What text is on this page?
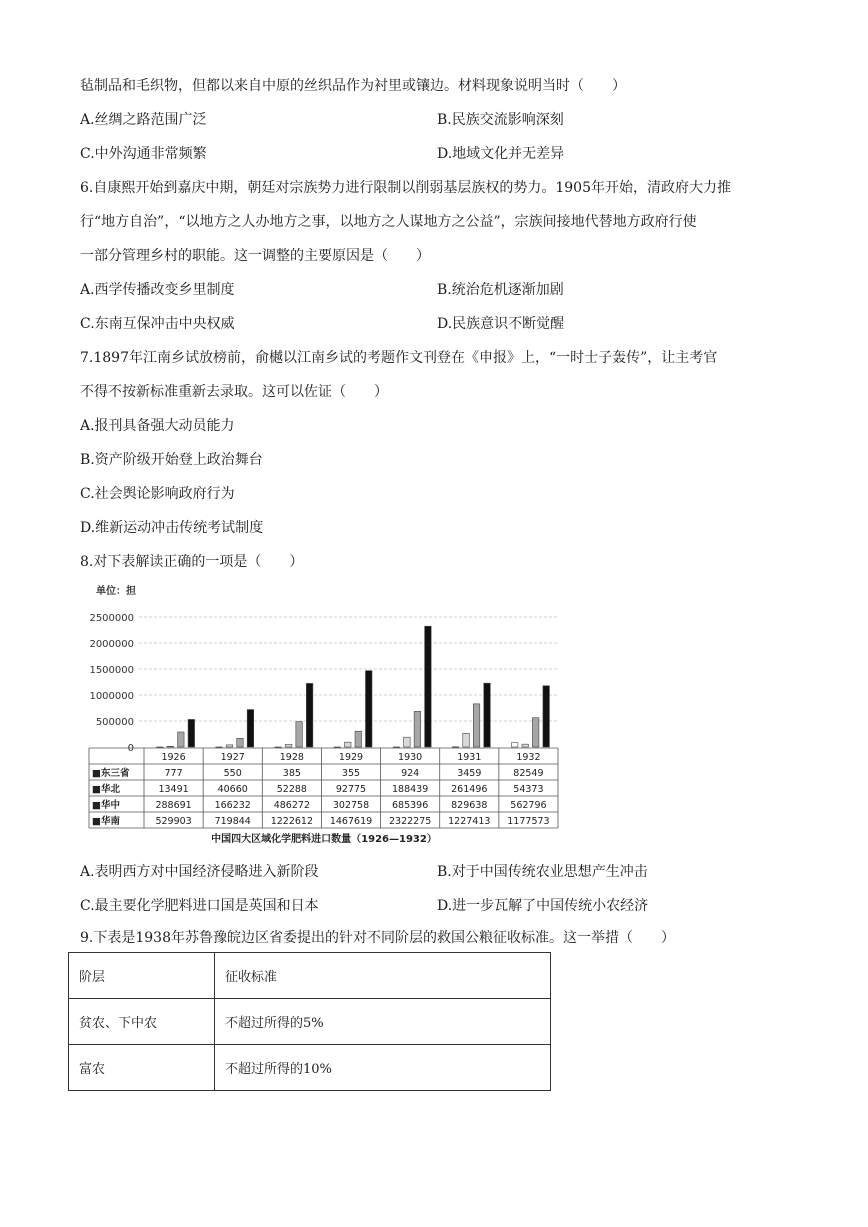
毡制品和毛织物，但都以来自中原的丝织品作为衬里或镶边。材料现象说明当时（　　）
A.丝绸之路范围广泛	B.民族交流影响深刻
C.中外沟通非常频繁	D.地域文化并无差异
6.自康熙开始到嘉庆中期，朝廷对宗族势力进行限制以削弱基层族权的势力。1905年开始，清政府大力推
行“地方自治”，“以地方之人办地方之事，以地方之人谋地方之公益”，宗族间接地代替地方政府行使
一部分管理乡村的职能。这一调整的主要原因是（　　）
A.西学传播改变乡里制度	B.统治危机逐渐加剧
C.东南互保冲击中央权威	D.民族意识不断觉醒
7.1897年江南乡试放榜前，俞樾以江南乡试的考题作文刊登在《申报》上，“一时士子轰传”，让主考官
不得不按新标准重新去录取。这可以佐证（　　）
A.报刊具备强大动员能力
B.资产阶级开始登上政治舞台
C.社会舆论影响政府行为
D.维新运动冲击传统考试制度
8.对下表解读正确的一项是（　　）
单位：担
2500000
2000000
1500000
1000000
500000
0
1926	1927	1928	1929	1930	1931	1932
■东三省	777	550	385	355	924	3459	82549
■华北	13491	40660	52288	92775	188439 261496	54373
■华中	288691 166232 486272 302758 685396 829638 562796
■华南	529903 719844 1222612 1467619 2322275 1227413 1177573
中国四大区域化学肥料进口数量（1926—1932）
A.表明西方对中国经济侵略进入新阶段	B.对于中国传统农业思想产生冲击
C.最主要化学肥料进口国是英国和日本	D.进一步瓦解了中国传统小农经济
9.下表是1938年苏鲁豫皖边区省委提出的针对不同阶层的救国公粮征收标准。这一举措（　　）
阶层	征收标准
贫农、下中农	不超过所得的5%
富农	不超过所得的10%
